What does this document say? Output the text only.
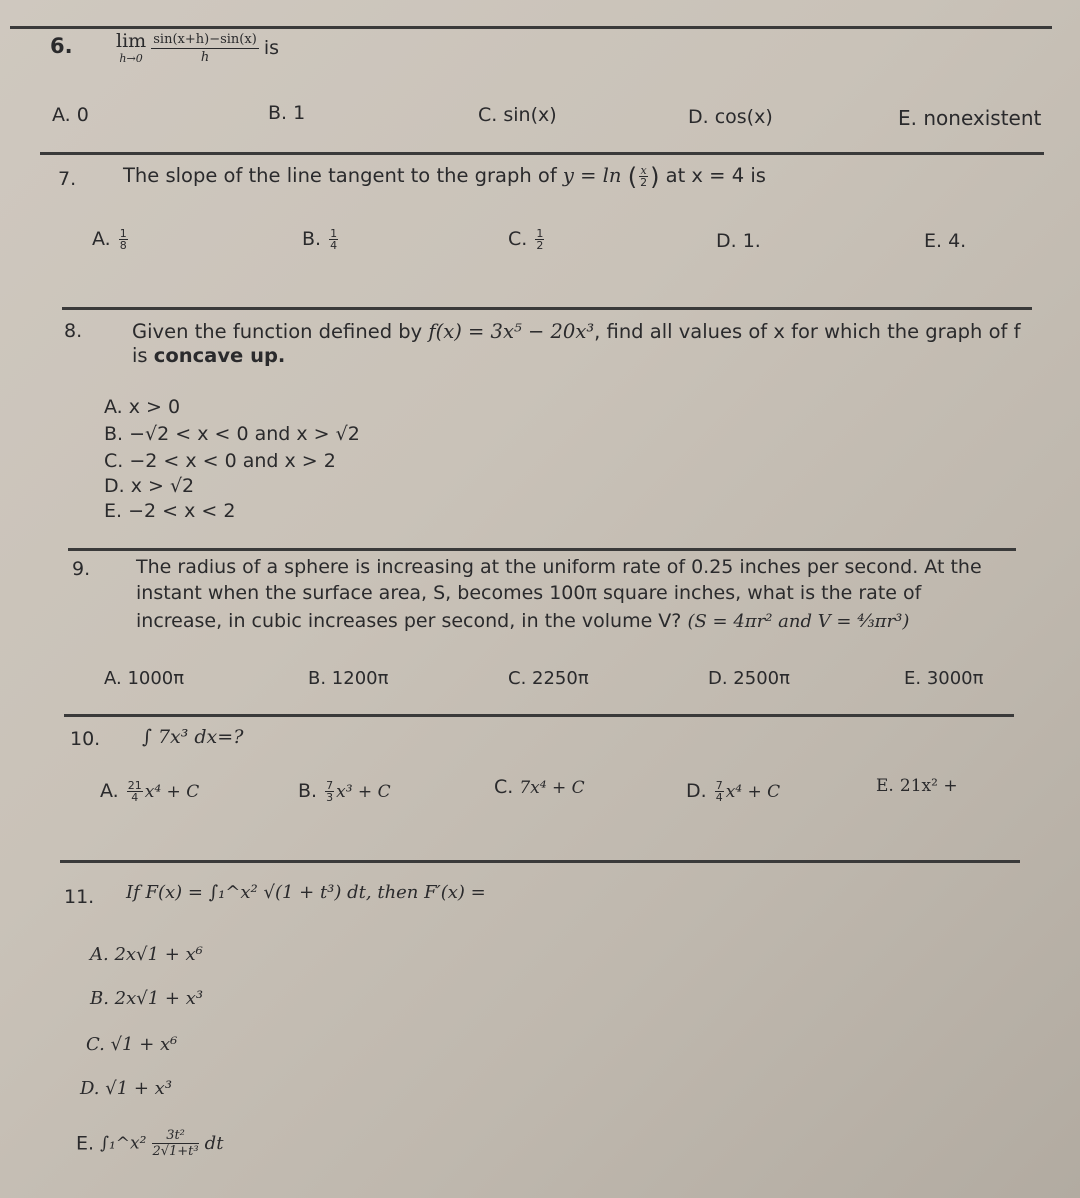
6. lim
h→0
$\frac{\sin(x+h)-\sin(x)}{h}$ is
A. 0	B. 1	C. sin(x)	D. cos(x)	E. nonexistent
7. The slope of the line tangent to the graph of y = ln ( $\frac{x}{2}$ ) at x = 4 is
A. $\frac{1}{8}$	B. $\frac{1}{4}$	C. $\frac{1}{2}$	D. 1.	E. 4.
8.	Given the function defined by f(x) = 3x⁵ − 20x³, find all values of x for which the graph of f
is concave up.
A. x > 0
B. −√2 < x < 0 and x > √2
C. −2 < x < 0 and x > 2
D. x > √2
E. −2 < x < 2
9. The radius of a sphere is increasing at the uniform rate of 0.25 inches per second. At the
instant when the surface area, S, becomes 100π square inches, what is the rate of
increase, in cubic increases per second, in the volume V? (S = 4πr² and V = ⁴⁄₃πr³)
A. 1000π	B. 1200π	C. 2250π	D. 2500π	E. 3000π
10. ∫ 7x³ dx=?
A. $\frac{21}{4} x^4 + C$	B. $\frac{7}{3} x^3 + C$	C. 7x⁴ + C	D. $\frac{7}{4} x^4 + C$	E. 21x² +
11. If F(x) = ∫₁^x² √(1 + t³) dt, then F′(x) =
A. 2x√1 + x⁶
B. 2x√1 + x³
C. √1 + x⁶
D. √1 + x³
E. ∫₁^x² $\frac{\text{3t²}}{\text{2√1+t³}}$ dt
